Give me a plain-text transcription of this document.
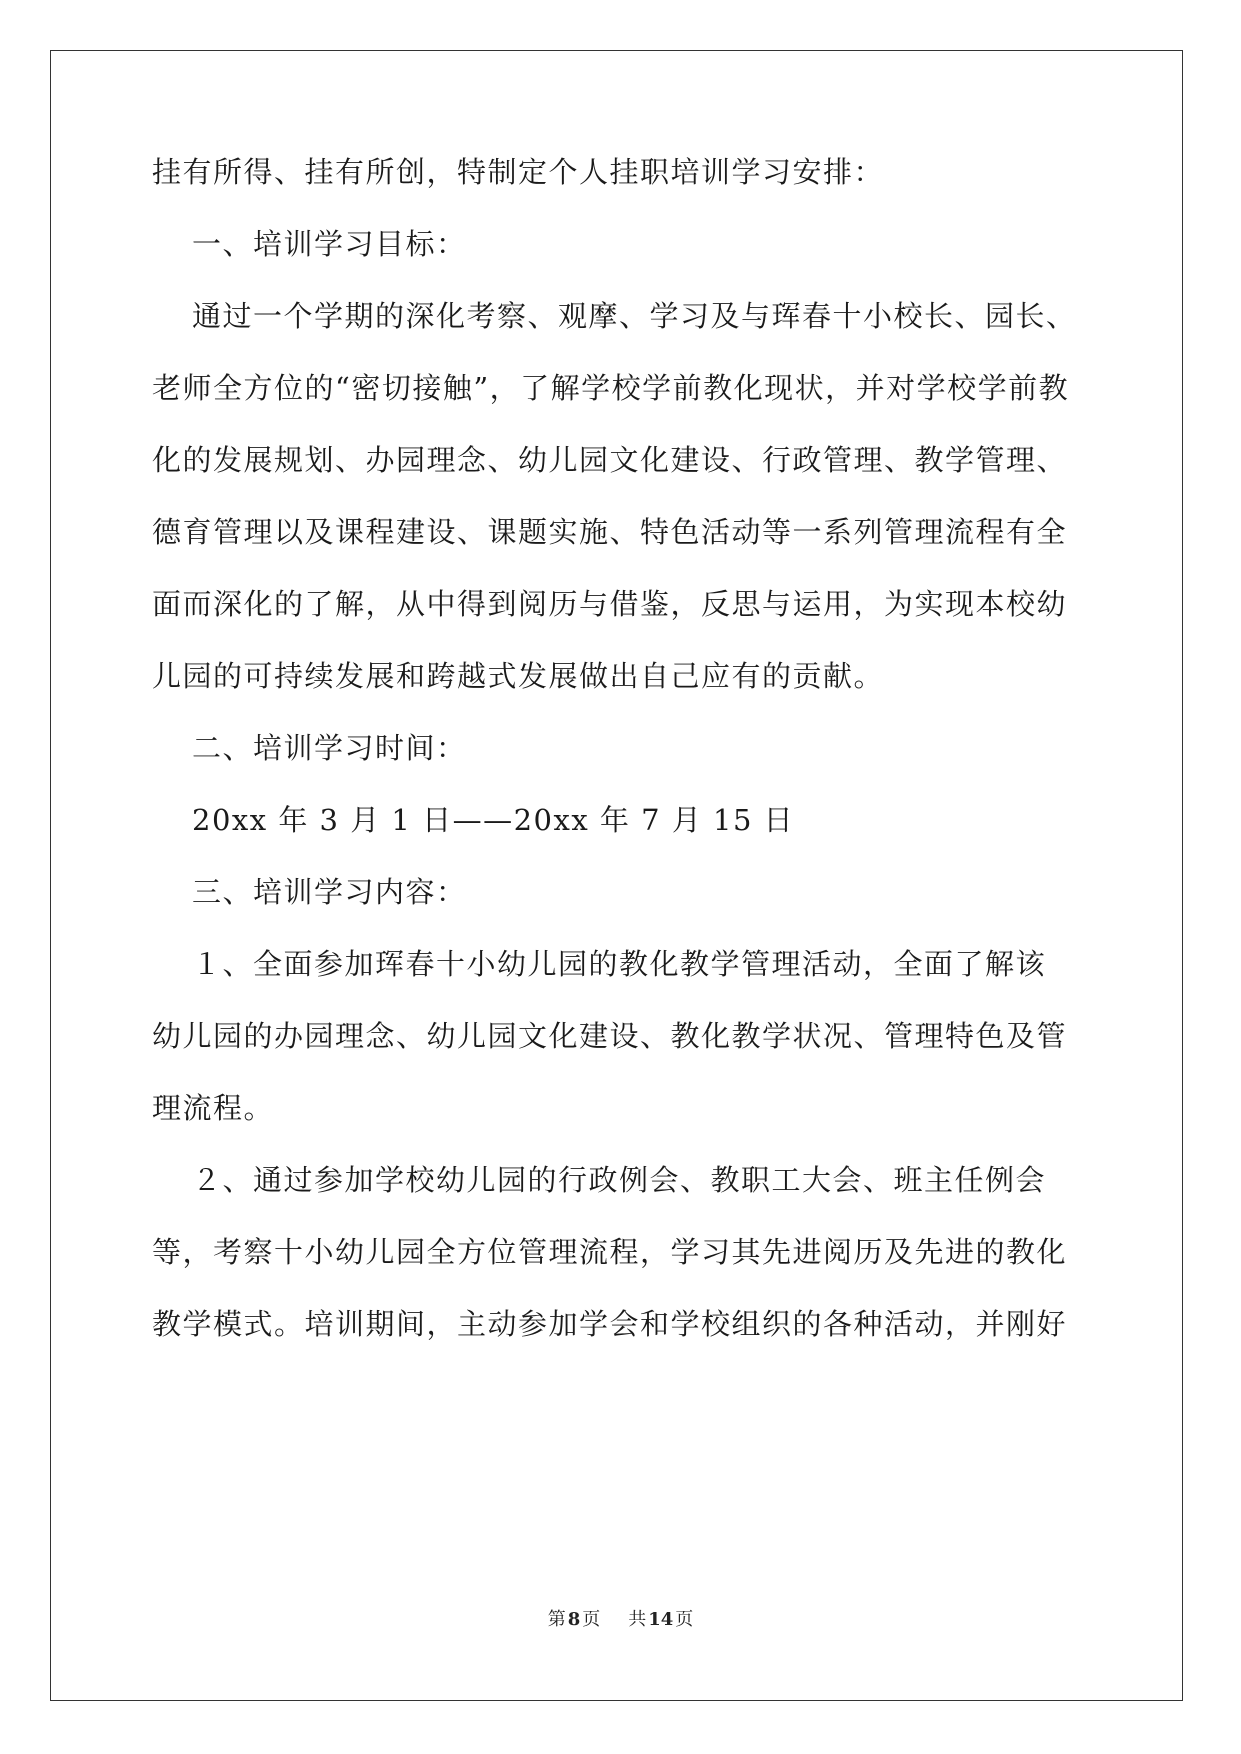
挂有所得、挂有所创，特制定个人挂职培训学习安排：
一、培训学习目标：
通过一个学期的深化考察、观摩、学习及与珲春十小校长、园长、
老师全方位的“密切接触”，了解学校学前教化现状，并对学校学前教
化的发展规划、办园理念、幼儿园文化建设、行政管理、教学管理、
德育管理以及课程建设、课题实施、特色活动等一系列管理流程有全
面而深化的了解，从中得到阅历与借鉴，反思与运用，为实现本校幼
儿园的可持续发展和跨越式发展做出自己应有的贡献。
二、培训学习时间：
20xx 年 3 月 1 日——20xx 年 7 月 15 日
三、培训学习内容：
１、全面参加珲春十小幼儿园的教化教学管理活动，全面了解该
幼儿园的办园理念、幼儿园文化建设、教化教学状况、管理特色及管
理流程。
２、通过参加学校幼儿园的行政例会、教职工大会、班主任例会
等，考察十小幼儿园全方位管理流程，学习其先进阅历及先进的教化
教学模式。培训期间，主动参加学会和学校组织的各种活动，并刚好
第 8 页 共 14 页
